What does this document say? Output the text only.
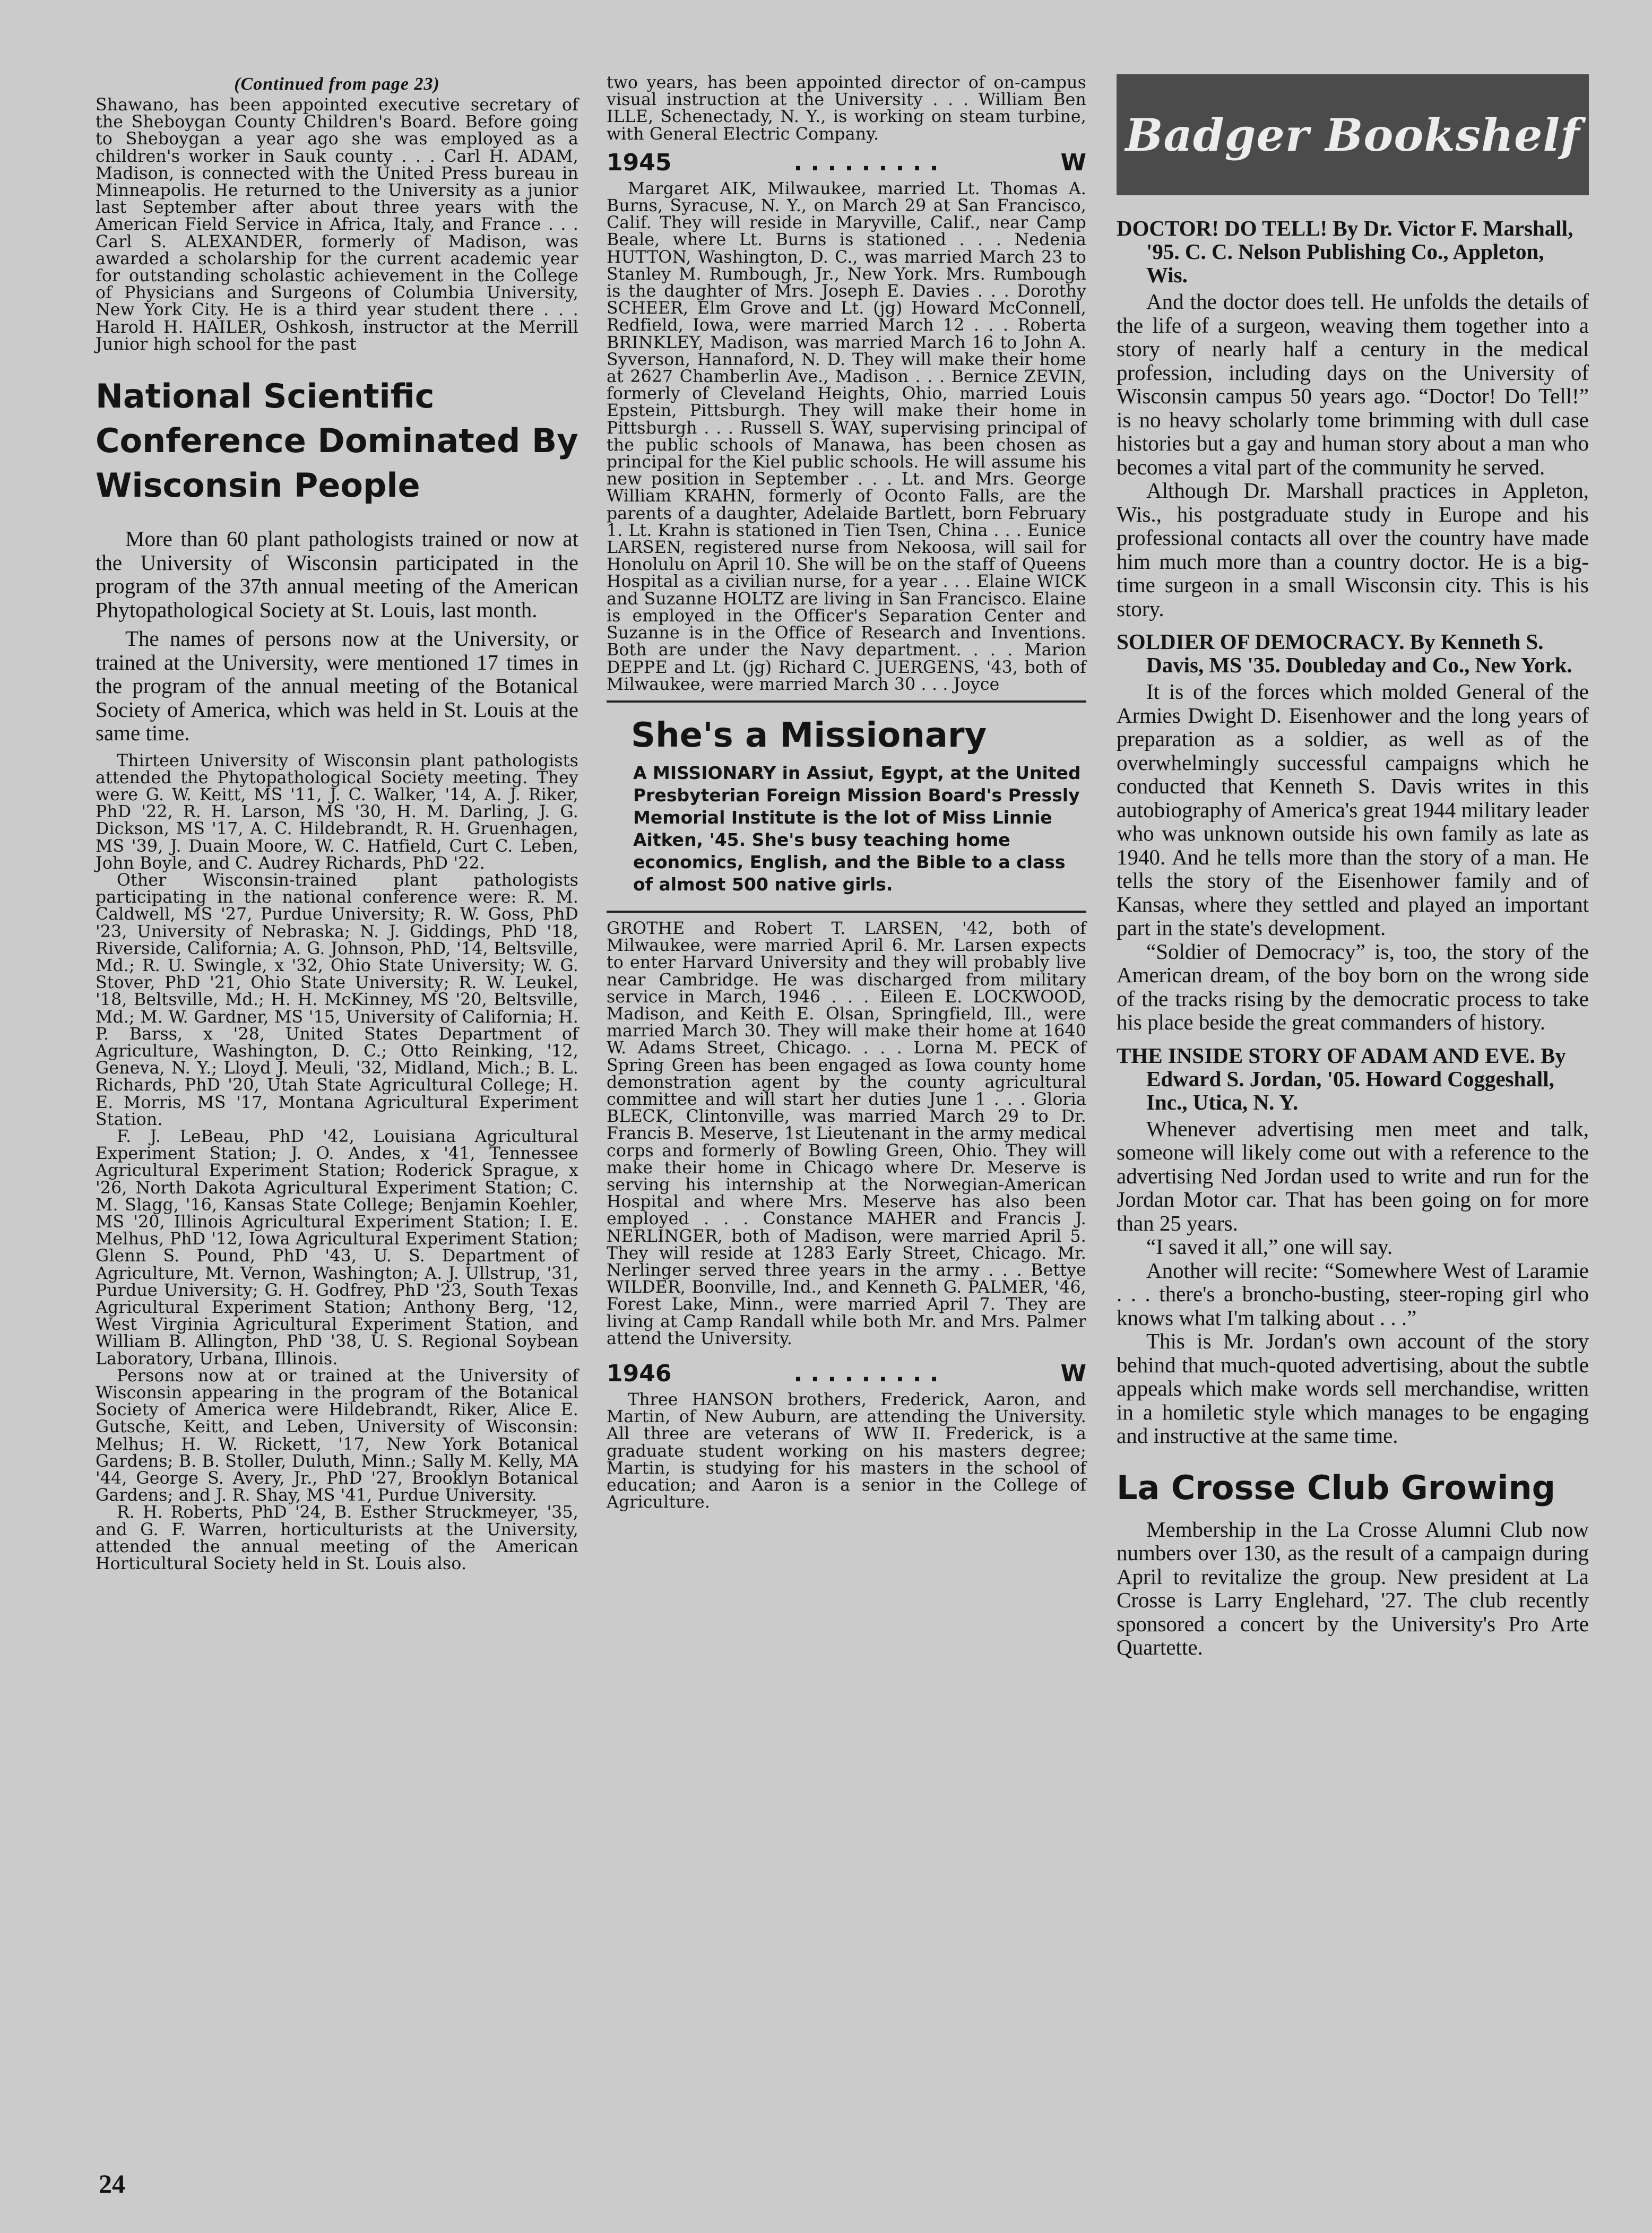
(Continued from page 23)

Shawano, has been appointed executive secretary of the Sheboygan County Children's Board. Before going to Sheboygan a year ago she was employed as a children's worker in Sauk county . . . Carl H. ADAM, Madison, is connected with the United Press bureau in Minneapolis. He returned to the University as a junior last September after about three years with the American Field Service in Africa, Italy, and France . . . Carl S. ALEXANDER, formerly of Madison, was awarded a scholarship for the current academic year for outstanding scholastic achievement in the College of Physicians and Surgeons of Columbia University, New York City. He is a third year student there . . . Harold H. HAILER, Oshkosh, instructor at the Merrill Junior high school for the past

National Scientific Conference Dominated By Wisconsin People

More than 60 plant pathologists trained or now at the University of Wisconsin participated in the program of the 37th annual meeting of the American Phytopathological Society at St. Louis, last month.

The names of persons now at the University, or trained at the University, were mentioned 17 times in the program of the annual meeting of the Botanical Society of America, which was held in St. Louis at the same time.

Thirteen University of Wisconsin plant pathologists attended the Phytopathological Society meeting. They were G. W. Keitt, MS '11, J. C. Walker, '14, A. J. Riker, PhD '22, R. H. Larson, MS '30, H. M. Darling, J. G. Dickson, MS '17, A. C. Hildebrandt, R. H. Gruenhagen, MS '39, J. Duain Moore, W. C. Hatfield, Curt C. Leben, John Boyle, and C. Audrey Richards, PhD '22.

Other Wisconsin-trained plant pathologists participating in the national conference were: R. M. Caldwell, MS '27, Purdue University; R. W. Goss, PhD '23, University of Nebraska; N. J. Giddings, PhD '18, Riverside, California; A. G. Johnson, PhD, '14, Beltsville, Md.; R. U. Swingle, x '32, Ohio State University; W. G. Stover, PhD '21, Ohio State University; R. W. Leukel, '18, Beltsville, Md.; H. H. McKinney, MS '20, Beltsville, Md.; M. W. Gardner, MS '15, University of California; H. P. Barss, x '28, United States Department of Agriculture, Washington, D. C.; Otto Reinking, '12, Geneva, N. Y.; Lloyd J. Meuli, '32, Midland, Mich.; B. L. Richards, PhD '20, Utah State Agricultural College; H. E. Morris, MS '17, Montana Agricultural Experiment Station.

F. J. LeBeau, PhD '42, Louisiana Agricultural Experiment Station; J. O. Andes, x '41, Tennessee Agricultural Experiment Station; Roderick Sprague, x '26, North Dakota Agricultural Experiment Station; C. M. Slagg, '16, Kansas State College; Benjamin Koehler, MS '20, Illinois Agricultural Experiment Station; I. E. Melhus, PhD '12, Iowa Agricultural Experiment Station; Glenn S. Pound, PhD '43, U. S. Department of Agriculture, Mt. Vernon, Washington; A. J. Ullstrup, '31, Purdue University; G. H. Godfrey, PhD '23, South Texas Agricultural Experiment Station; Anthony Berg, '12, West Virginia Agricultural Experiment Station, and William B. Allington, PhD '38, U. S. Regional Soybean Laboratory, Urbana, Illinois.

Persons now at or trained at the University of Wisconsin appearing in the program of the Botanical Society of America were Hildebrandt, Riker, Alice E. Gutsche, Keitt, and Leben, University of Wisconsin: Melhus; H. W. Rickett, '17, New York Botanical Gardens; B. B. Stoller, Duluth, Minn.; Sally M. Kelly, MA '44, George S. Avery, Jr., PhD '27, Brooklyn Botanical Gardens; and J. R. Shay, MS '41, Purdue University.

R. H. Roberts, PhD '24, B. Esther Struckmeyer, '35, and G. F. Warren, horticulturists at the University, attended the annual meeting of the American Horticultural Society held in St. Louis also.

two years, has been appointed director of on-campus visual instruction at the University . . . William Ben ILLE, Schenectady, N. Y., is working on steam turbine, with General Electric Company.

1945	. . . . . . . . .	W

Margaret AIK, Milwaukee, married Lt. Thomas A. Burns, Syracuse, N. Y., on March 29 at San Francisco, Calif. They will reside in Maryville, Calif., near Camp Beale, where Lt. Burns is stationed . . . Nedenia HUTTON, Washington, D. C., was married March 23 to Stanley M. Rumbough, Jr., New York. Mrs. Rumbough is the daughter of Mrs. Joseph E. Davies . . . Dorothy SCHEER, Elm Grove and Lt. (jg) Howard McConnell, Redfield, Iowa, were married March 12 . . . Roberta BRINKLEY, Madison, was married March 16 to John A. Syverson, Hannaford, N. D. They will make their home at 2627 Chamberlin Ave., Madison . . . Bernice ZEVIN, formerly of Cleveland Heights, Ohio, married Louis Epstein, Pittsburgh. They will make their home in Pittsburgh . . . Russell S. WAY, supervising principal of the public schools of Manawa, has been chosen as principal for the Kiel public schools. He will assume his new position in September . . . Lt. and Mrs. George William KRAHN, formerly of Oconto Falls, are the parents of a daughter, Adelaide Bartlett, born February 1. Lt. Krahn is stationed in Tien Tsen, China . . . Eunice LARSEN, registered nurse from Nekoosa, will sail for Honolulu on April 10. She will be on the staff of Queens Hospital as a civilian nurse, for a year . . . Elaine WICK and Suzanne HOLTZ are living in San Francisco. Elaine is employed in the Officer's Separation Center and Suzanne is in the Office of Research and Inventions. Both are under the Navy department. . . . Marion DEPPE and Lt. (jg) Richard C. JUERGENS, '43, both of Milwaukee, were married March 30 . . . Joyce

She's a Missionary

A MISSIONARY in Assiut, Egypt, at the United Presbyterian Foreign Mission Board's Pressly Memorial Institute is the lot of Miss Linnie Aitken, '45. She's busy teaching home economics, English, and the Bible to a class of almost 500 native girls.

GROTHE and Robert T. LARSEN, '42, both of Milwaukee, were married April 6. Mr. Larsen expects to enter Harvard University and they will probably live near Cambridge. He was discharged from military service in March, 1946 . . . Eileen E. LOCKWOOD, Madison, and Keith E. Olsan, Springfield, Ill., were married March 30. They will make their home at 1640 W. Adams Street, Chicago. . . . Lorna M. PECK of Spring Green has been engaged as Iowa county home demonstration agent by the county agricultural committee and will start her duties June 1 . . . Gloria BLECK, Clintonville, was married March 29 to Dr. Francis B. Meserve, 1st Lieutenant in the army medical corps and formerly of Bowling Green, Ohio. They will make their home in Chicago where Dr. Meserve is serving his internship at the Norwegian-American Hospital and where Mrs. Meserve has also been employed . . . Constance MAHER and Francis J. NERLINGER, both of Madison, were married April 5. They will reside at 1283 Early Street, Chicago. Mr. Nerlinger served three years in the army . . . Bettye WILDER, Boonville, Ind., and Kenneth G. PALMER, '46, Forest Lake, Minn., were married April 7. They are living at Camp Randall while both Mr. and Mrs. Palmer attend the University.

1946	. . . . . . . . .	W

Three HANSON brothers, Frederick, Aaron, and Martin, of New Auburn, are attending the University. All three are veterans of WW II. Frederick, is a graduate student working on his masters degree; Martin, is studying for his masters in the school of education; and Aaron is a senior in the College of Agriculture.

Badger Bookshelf
DOCTOR! DO TELL! By Dr. Victor F. Marshall, '95. C. C. Nelson Publishing Co., Appleton, Wis.

And the doctor does tell. He unfolds the details of the life of a surgeon, weaving them together into a story of nearly half a century in the medical profession, including days on the University of Wisconsin campus 50 years ago. “Doctor! Do Tell!” is no heavy scholarly tome brimming with dull case histories but a gay and human story about a man who becomes a vital part of the community he served.

Although Dr. Marshall practices in Appleton, Wis., his postgraduate study in Europe and his professional contacts all over the country have made him much more than a country doctor. He is a big-time surgeon in a small Wisconsin city. This is his story.

SOLDIER OF DEMOCRACY. By Kenneth S. Davis, MS '35. Doubleday and Co., New York.

It is of the forces which molded General of the Armies Dwight D. Eisenhower and the long years of preparation as a soldier, as well as of the overwhelmingly successful campaigns which he conducted that Kenneth S. Davis writes in this autobiography of America's great 1944 military leader who was unknown outside his own family as late as 1940. And he tells more than the story of a man. He tells the story of the Eisenhower family and of Kansas, where they settled and played an important part in the state's development.

“Soldier of Democracy” is, too, the story of the American dream, of the boy born on the wrong side of the tracks rising by the democratic process to take his place beside the great commanders of history.

THE INSIDE STORY OF ADAM AND EVE. By Edward S. Jordan, '05. Howard Coggeshall, Inc., Utica, N. Y.

Whenever advertising men meet and talk, someone will likely come out with a reference to the advertising Ned Jordan used to write and run for the Jordan Motor car. That has been going on for more than 25 years.

“I saved it all,” one will say.

Another will recite: “Somewhere West of Laramie . . . there's a broncho-busting, steer-roping girl who knows what I'm talking about . . .”

This is Mr. Jordan's own account of the story behind that much-quoted advertising, about the subtle appeals which make words sell merchandise, written in a homiletic style which manages to be engaging and instructive at the same time.

La Crosse Club Growing

Membership in the La Crosse Alumni Club now numbers over 130, as the result of a campaign during April to revitalize the group. New president at La Crosse is Larry Englehard, '27. The club recently sponsored a concert by the University's Pro Arte Quartette.

24
